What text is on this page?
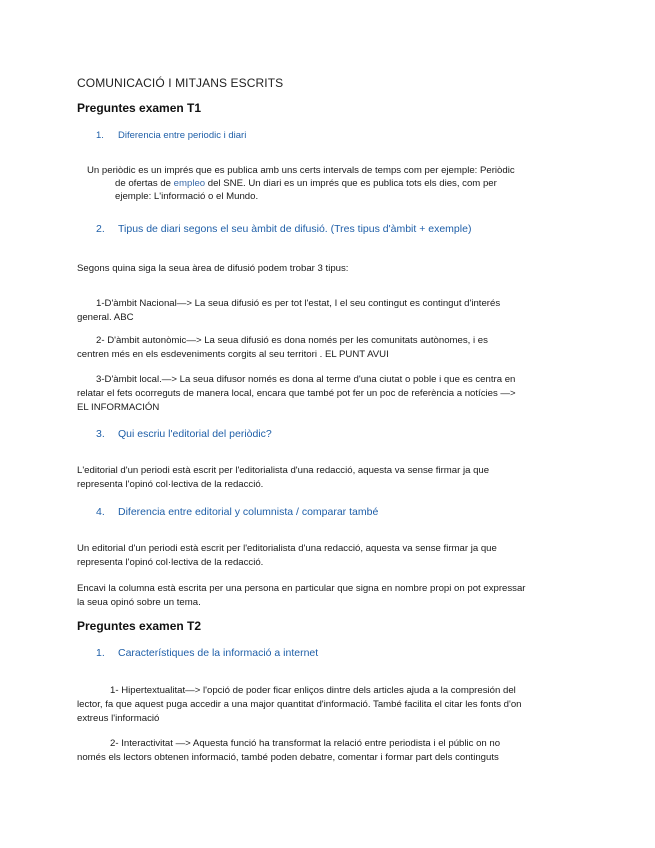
COMUNICACIÓ I MITJANS ESCRITS
Preguntes examen T1
1. Diferencia entre periodic i diari
Un periòdic es un imprés que es publica amb uns certs intervals de temps com per ejemple: Periòdic
de ofertas de empleo del SNE. Un diari es un imprés que es publica tots els dies, com per
ejemple: L'informació o el Mundo.
2. Tipus de diari segons el seu àmbit de difusió. (Tres tipus d'àmbit + exemple)
Segons quina siga la seua àrea de difusió podem trobar 3 tipus:
1-D'àmbit Nacional—> La seua difusió es per tot l'estat, I el seu contingut es contingut d'interés
general. ABC
2- D'àmbit autonòmic—> La seua difusió es dona només per les comunitats autònomes, i es
centren més en els esdeveniments corgits al seu territori . EL PUNT AVUI
3-D'àmbit local.—> La seua difusor només es dona al terme d'una ciutat o poble i que es centra en
relatar el fets ocorreguts de manera local, encara que també pot fer un poc de referència a notícies —>
EL INFORMACIÓN
3. Qui escriu l'editorial del periòdic?
L'editorial d'un periodi està escrit per l'editorialista d'una redacció, aquesta va sense firmar ja que
representa l'opinó col·lectiva de la redacció.
4. Diferencia entre editorial y columnista / comparar també
Un editorial d'un periodi està escrit per l'editorialista d'una redacció, aquesta va sense firmar ja que
representa l'opinó col·lectiva de la redacció.
Encavi la columna està escrita per una persona en particular que signa en nombre propi on pot expressar
la seua opinó sobre un tema.
Preguntes examen T2
1. Característiques de la informació a internet
1- Hipertextualitat—> l'opció de poder ficar enliços dintre dels articles ajuda a la compresión del
lector, fa que aquest puga accedir a una major quantitat d'informació. També facilita el citar les fonts d'on
extreus l'informació
2- Interactivitat —> Aquesta funció ha transformat la relació entre periodista i el públic on no
només els lectors obtenen informació, també poden debatre, comentar i formar part dels continguts
